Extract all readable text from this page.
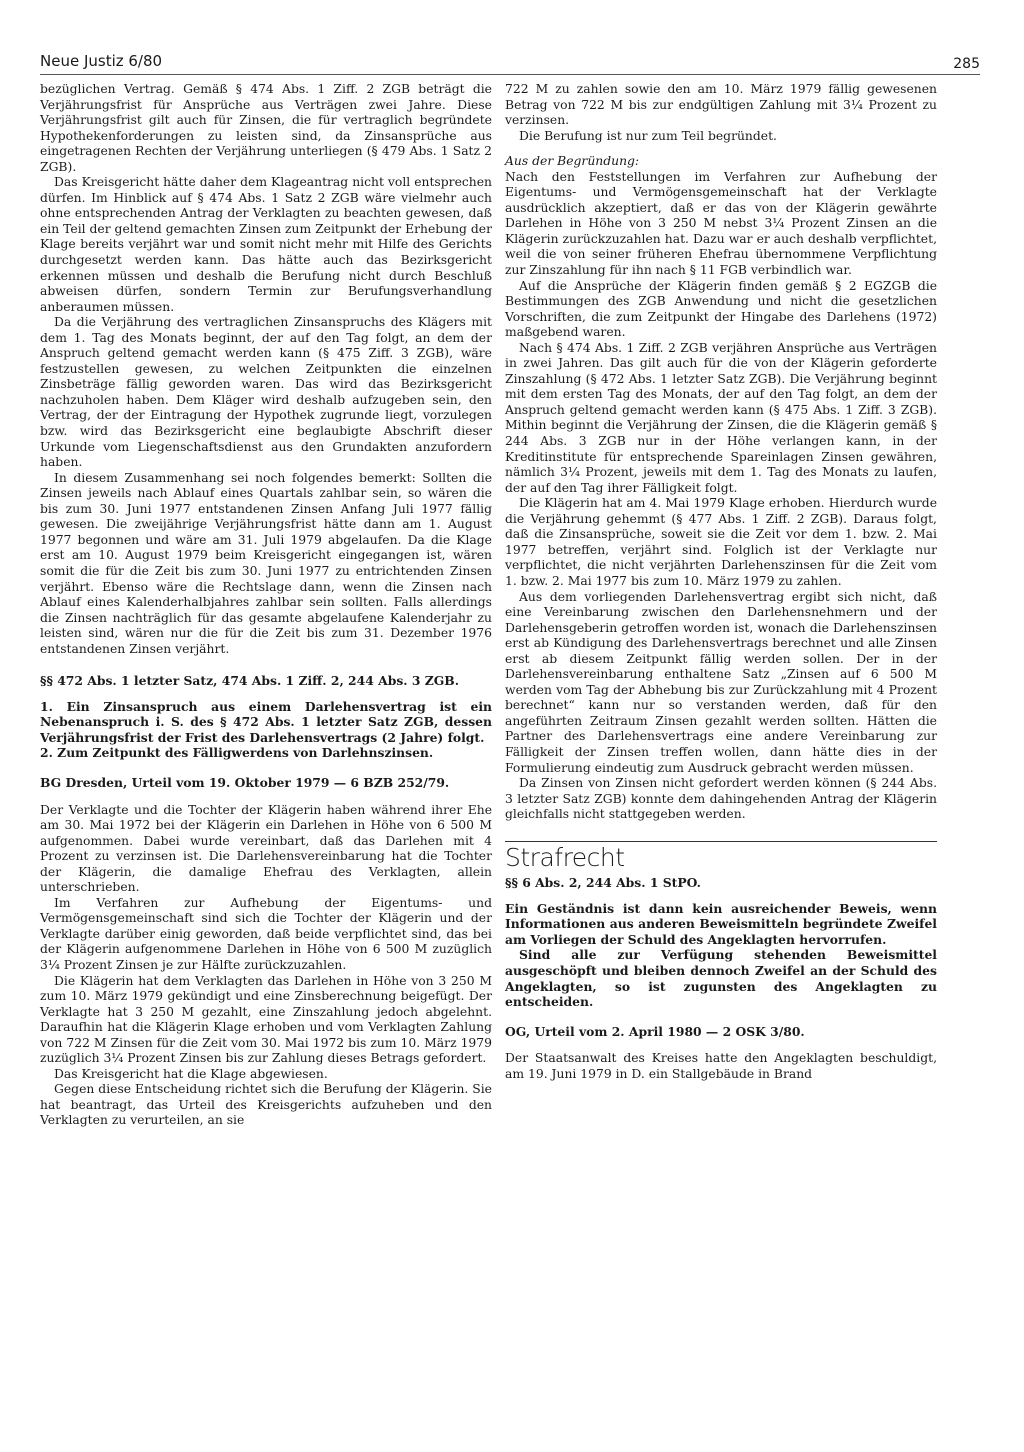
Neue Justiz 6/80	285

bezüglichen Vertrag. Gemäß § 474 Abs. 1 Ziff. 2 ZGB beträgt die Verjährungsfrist für Ansprüche aus Verträgen zwei Jahre. Diese Verjährungsfrist gilt auch für Zinsen, die für vertraglich begründete Hypothekenforderungen zu leisten sind, da Zinsansprüche aus eingetragenen Rechten der Verjährung unterliegen (§ 479 Abs. 1 Satz 2 ZGB).

Das Kreisgericht hätte daher dem Klageantrag nicht voll entsprechen dürfen. Im Hinblick auf § 474 Abs. 1 Satz 2 ZGB wäre vielmehr auch ohne entsprechenden Antrag der Verklagten zu beachten gewesen, daß ein Teil der geltend gemachten Zinsen zum Zeitpunkt der Erhebung der Klage bereits verjährt war und somit nicht mehr mit Hilfe des Gerichts durchgesetzt werden kann. Das hätte auch das Bezirksgericht erkennen müssen und deshalb die Berufung nicht durch Beschluß abweisen dürfen, sondern Termin zur Berufungsverhandlung anberaumen müssen.

Da die Verjährung des vertraglichen Zinsanspruchs des Klägers mit dem 1. Tag des Monats beginnt, der auf den Tag folgt, an dem der Anspruch geltend gemacht werden kann (§ 475 Ziff. 3 ZGB), wäre festzustellen gewesen, zu welchen Zeitpunkten die einzelnen Zinsbeträge fällig geworden waren. Das wird das Bezirksgericht nachzuholen haben. Dem Kläger wird deshalb aufzugeben sein, den Vertrag, der der Eintragung der Hypothek zugrunde liegt, vorzulegen bzw. wird das Bezirksgericht eine beglaubigte Abschrift dieser Urkunde vom Liegenschaftsdienst aus den Grundakten anzufordern haben.

In diesem Zusammenhang sei noch folgendes bemerkt: Sollten die Zinsen jeweils nach Ablauf eines Quartals zahlbar sein, so wären die bis zum 30. Juni 1977 entstandenen Zinsen Anfang Juli 1977 fällig gewesen. Die zweijährige Verjährungsfrist hätte dann am 1. August 1977 begonnen und wäre am 31. Juli 1979 abgelaufen. Da die Klage erst am 10. August 1979 beim Kreisgericht eingegangen ist, wären somit die für die Zeit bis zum 30. Juni 1977 zu entrichtenden Zinsen verjährt. Ebenso wäre die Rechtslage dann, wenn die Zinsen nach Ablauf eines Kalenderhalbjahres zahlbar sein sollten. Falls allerdings die Zinsen nachträglich für das gesamte abgelaufene Kalenderjahr zu leisten sind, wären nur die für die Zeit bis zum 31. Dezember 1976 entstandenen Zinsen verjährt.

§§ 472 Abs. 1 letzter Satz, 474 Abs. 1 Ziff. 2, 244 Abs. 3 ZGB.

1. Ein Zinsanspruch aus einem Darlehensvertrag ist ein Nebenanspruch i. S. des § 472 Abs. 1 letzter Satz ZGB, dessen Verjährungsfrist der Frist des Darlehensvertrags (2 Jahre) folgt.

2. Zum Zeitpunkt des Fälligwerdens von Darlehnszinsen.

BG Dresden, Urteil vom 19. Oktober 1979 — 6 BZB 252/79.

Der Verklagte und die Tochter der Klägerin haben während ihrer Ehe am 30. Mai 1972 bei der Klägerin ein Darlehen in Höhe von 6 500 M aufgenommen. Dabei wurde vereinbart, daß das Darlehen mit 4 Prozent zu verzinsen ist. Die Darlehensvereinbarung hat die Tochter der Klägerin, die damalige Ehefrau des Verklagten, allein unterschrieben.

Im Verfahren zur Aufhebung der Eigentums- und Vermögensgemeinschaft sind sich die Tochter der Klägerin und der Verklagte darüber einig geworden, daß beide verpflichtet sind, das bei der Klägerin aufgenommene Darlehen in Höhe von 6 500 M zuzüglich 3¼ Prozent Zinsen je zur Hälfte zurückzuzahlen.

Die Klägerin hat dem Verklagten das Darlehen in Höhe von 3 250 M zum 10. März 1979 gekündigt und eine Zinsberechnung beigefügt. Der Verklagte hat 3 250 M gezahlt, eine Zinszahlung jedoch abgelehnt. Daraufhin hat die Klägerin Klage erhoben und vom Verklagten Zahlung von 722 M Zinsen für die Zeit vom 30. Mai 1972 bis zum 10. März 1979 zuzüglich 3¼ Prozent Zinsen bis zur Zahlung dieses Betrags gefordert.

Das Kreisgericht hat die Klage abgewiesen.

Gegen diese Entscheidung richtet sich die Berufung der Klägerin. Sie hat beantragt, das Urteil des Kreisgerichts aufzuheben und den Verklagten zu verurteilen, an sie

722 M zu zahlen sowie den am 10. März 1979 fällig gewesenen Betrag von 722 M bis zur endgültigen Zahlung mit 3¼ Prozent zu verzinsen.

Die Berufung ist nur zum Teil begründet.

Aus der Begründung:

Nach den Feststellungen im Verfahren zur Aufhebung der Eigentums- und Vermögensgemeinschaft hat der Verklagte ausdrücklich akzeptiert, daß er das von der Klägerin gewährte Darlehen in Höhe von 3 250 M nebst 3¼ Prozent Zinsen an die Klägerin zurückzuzahlen hat. Dazu war er auch deshalb verpflichtet, weil die von seiner früheren Ehefrau übernommene Verpflichtung zur Zinszahlung für ihn nach § 11 FGB verbindlich war.

Auf die Ansprüche der Klägerin finden gemäß § 2 EGZGB die Bestimmungen des ZGB Anwendung und nicht die gesetzlichen Vorschriften, die zum Zeitpunkt der Hingabe des Darlehens (1972) maßgebend waren.

Nach § 474 Abs. 1 Ziff. 2 ZGB verjähren Ansprüche aus Verträgen in zwei Jahren. Das gilt auch für die von der Klägerin geforderte Zinszahlung (§ 472 Abs. 1 letzter Satz ZGB). Die Verjährung beginnt mit dem ersten Tag des Monats, der auf den Tag folgt, an dem der Anspruch geltend gemacht werden kann (§ 475 Abs. 1 Ziff. 3 ZGB). Mithin beginnt die Verjährung der Zinsen, die die Klägerin gemäß § 244 Abs. 3 ZGB nur in der Höhe verlangen kann, in der Kreditinstitute für entsprechende Spareinlagen Zinsen gewähren, nämlich 3¼ Prozent, jeweils mit dem 1. Tag des Monats zu laufen, der auf den Tag ihrer Fälligkeit folgt.

Die Klägerin hat am 4. Mai 1979 Klage erhoben. Hierdurch wurde die Verjährung gehemmt (§ 477 Abs. 1 Ziff. 2 ZGB). Daraus folgt, daß die Zinsansprüche, soweit sie die Zeit vor dem 1. bzw. 2. Mai 1977 betreffen, verjährt sind. Folglich ist der Verklagte nur verpflichtet, die nicht verjährten Darlehenszinsen für die Zeit vom 1. bzw. 2. Mai 1977 bis zum 10. März 1979 zu zahlen.

Aus dem vorliegenden Darlehensvertrag ergibt sich nicht, daß eine Vereinbarung zwischen den Darlehensnehmern und der Darlehensgeberin getroffen worden ist, wonach die Darlehenszinsen erst ab Kündigung des Darlehensvertrags berechnet und alle Zinsen erst ab diesem Zeitpunkt fällig werden sollen. Der in der Darlehensvereinbarung enthaltene Satz „Zinsen auf 6 500 M werden vom Tag der Abhebung bis zur Zurückzahlung mit 4 Prozent berechnet“ kann nur so verstanden werden, daß für den angeführten Zeitraum Zinsen gezahlt werden sollten. Hätten die Partner des Darlehensvertrags eine andere Vereinbarung zur Fälligkeit der Zinsen treffen wollen, dann hätte dies in der Formulierung eindeutig zum Ausdruck gebracht werden müssen.

Da Zinsen von Zinsen nicht gefordert werden können (§ 244 Abs. 3 letzter Satz ZGB) konnte dem dahingehenden Antrag der Klägerin gleichfalls nicht stattgegeben werden.

Strafrecht

§§ 6 Abs. 2, 244 Abs. 1 StPO.

Ein Geständnis ist dann kein ausreichender Beweis, wenn Informationen aus anderen Beweismitteln begründete Zweifel am Vorliegen der Schuld des Angeklagten hervorrufen.

Sind alle zur Verfügung stehenden Beweismittel ausgeschöpft und bleiben dennoch Zweifel an der Schuld des Angeklagten, so ist zugunsten des Angeklagten zu entscheiden.

OG, Urteil vom 2. April 1980 — 2 OSK 3/80.

Der Staatsanwalt des Kreises hatte den Angeklagten beschuldigt, am 19. Juni 1979 in D. ein Stallgebäude in Brand
